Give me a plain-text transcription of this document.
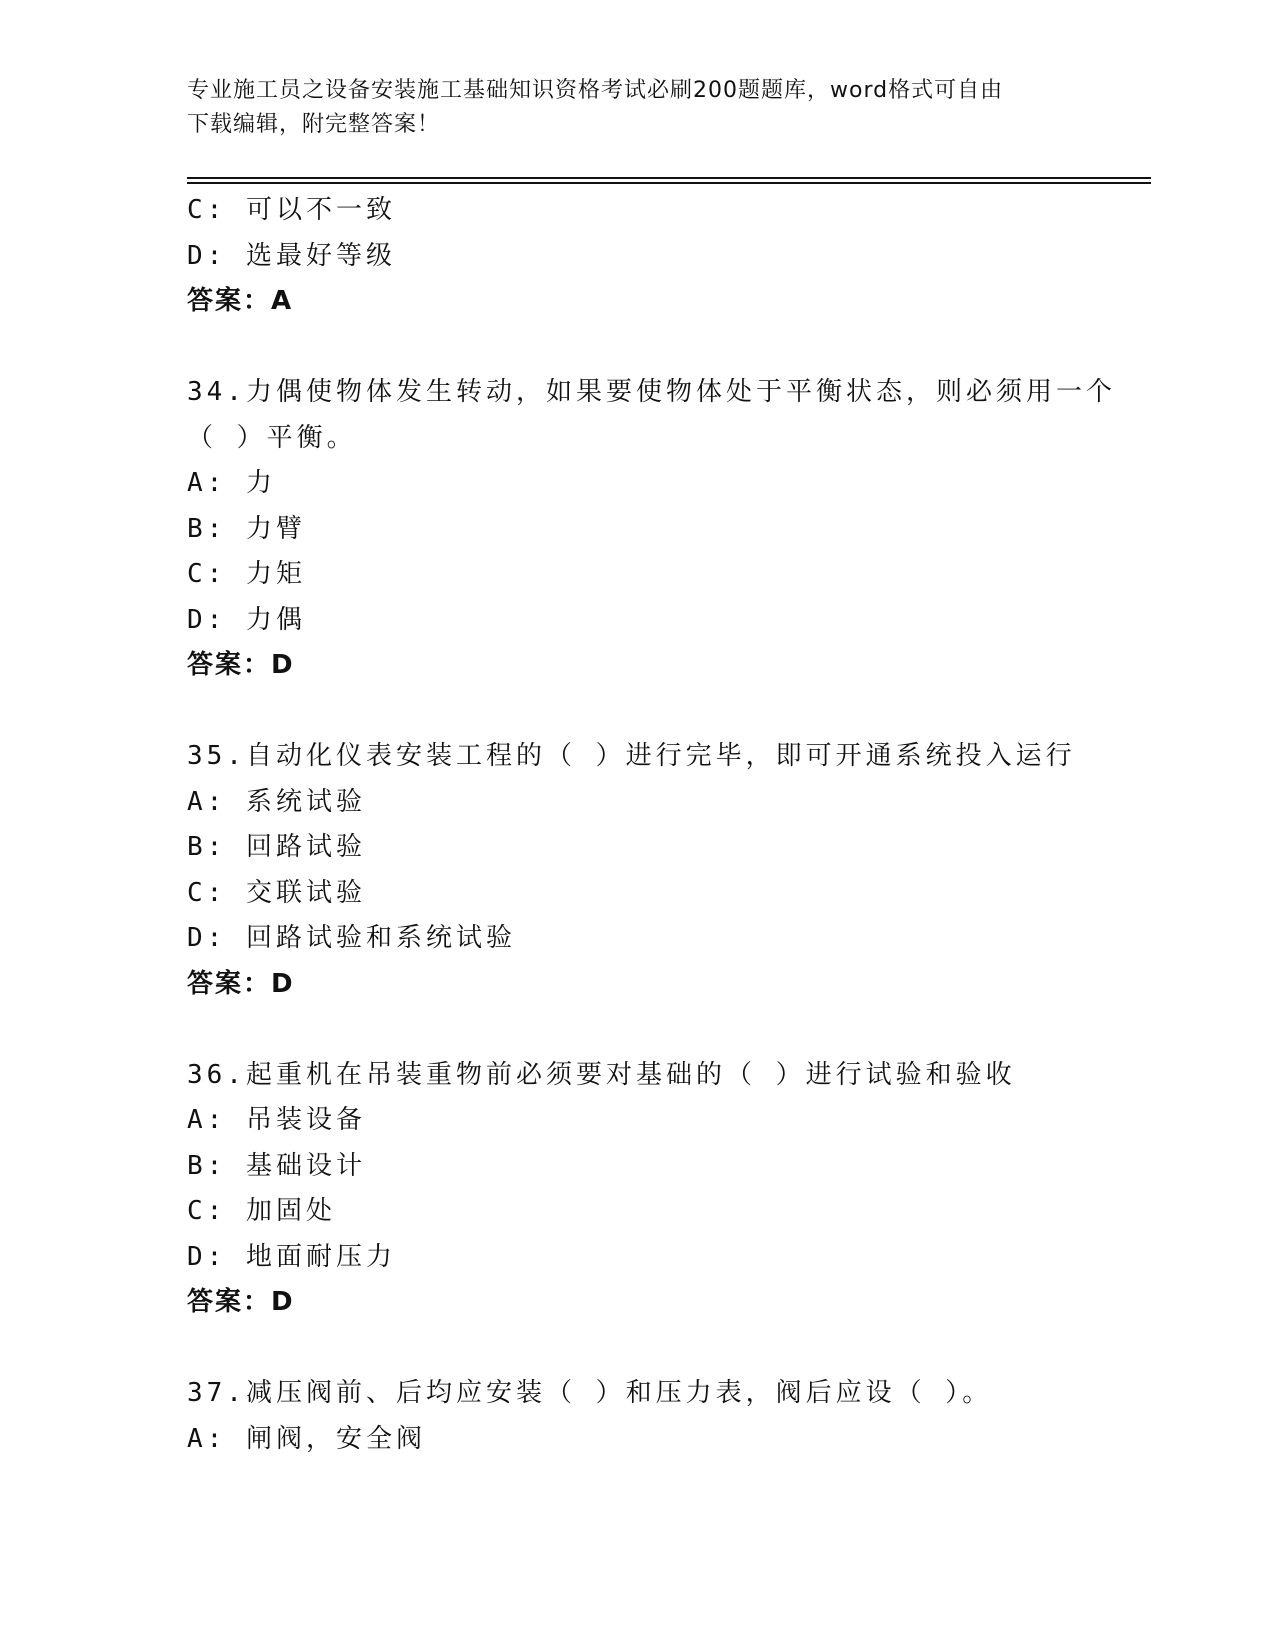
专业施工员之设备安装施工基础知识资格考试必刷200题题库，word格式可自由
下载编辑，附完整答案！
C: 可以不一致
D: 选最好等级
答案：A
34.力偶使物体发生转动，如果要使物体处于平衡状态，则必须用一个
（ ）平衡。
A: 力
B: 力臂
C: 力矩
D: 力偶
答案：D
35.自动化仪表安装工程的（ ）进行完毕，即可开通系统投入运行
A: 系统试验
B: 回路试验
C: 交联试验
D: 回路试验和系统试验
答案：D
36.起重机在吊装重物前必须要对基础的（ ）进行试验和验收
A: 吊装设备
B: 基础设计
C: 加固处
D: 地面耐压力
答案：D
37.减压阀前、后均应安装（ ）和压力表，阀后应设（ ）。
A: 闸阀，安全阀
